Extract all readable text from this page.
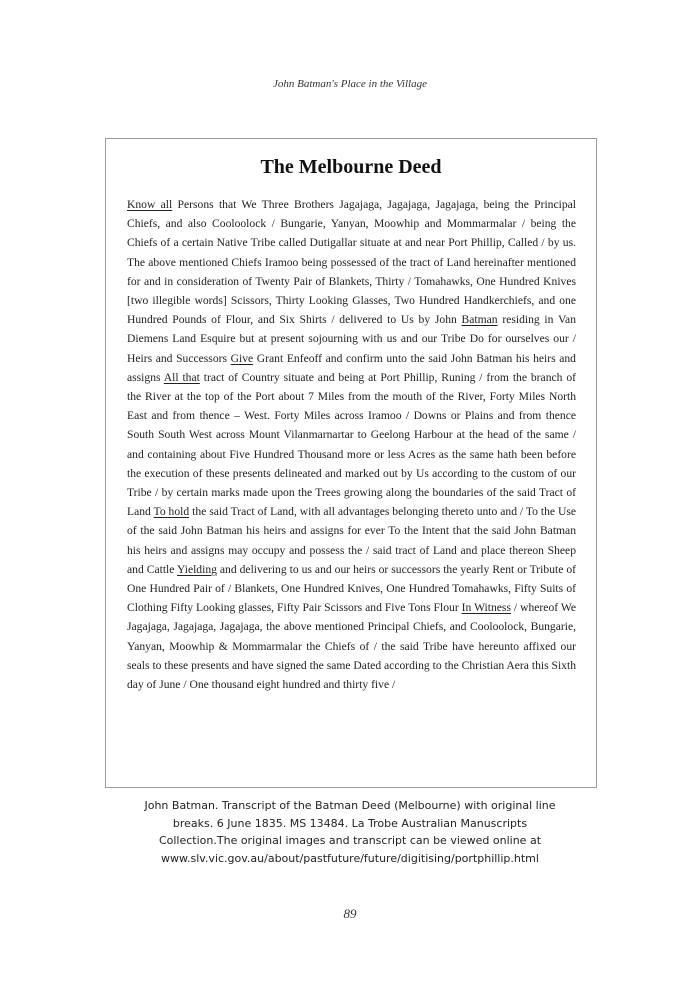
John Batman's Place in the Village
The Melbourne Deed

Know all Persons that We Three Brothers Jagajaga, Jagajaga, Jagajaga, being the Principal Chiefs, and also Cooloolock / Bungarie, Yanyan, Moowhip and Mommarmalar / being the Chiefs of a certain Native Tribe called Dutigallar situate at and near Port Phillip, Called / by us. The above mentioned Chiefs Iramoo being possessed of the tract of Land hereinafter mentioned for and in consideration of Twenty Pair of Blankets, Thirty / Tomahawks, One Hundred Knives [two illegible words] Scissors, Thirty Looking Glasses, Two Hundred Handkerchiefs, and one Hundred Pounds of Flour, and Six Shirts / delivered to Us by John Batman residing in Van Diemens Land Esquire but at present sojourning with us and our Tribe Do for ourselves our / Heirs and Successors Give Grant Enfeoff and confirm unto the said John Batman his heirs and assigns All that tract of Country situate and being at Port Phillip, Runing / from the branch of the River at the top of the Port about 7 Miles from the mouth of the River, Forty Miles North East and from thence – West. Forty Miles across Iramoo / Downs or Plains and from thence South South West across Mount Vilanmarnartar to Geelong Harbour at the head of the same / and containing about Five Hundred Thousand more or less Acres as the same hath been before the execution of these presents delineated and marked out by Us according to the custom of our Tribe / by certain marks made upon the Trees growing along the boundaries of the said Tract of Land To hold the said Tract of Land, with all advantages belonging thereto unto and / To the Use of the said John Batman his heirs and assigns for ever To the Intent that the said John Batman his heirs and assigns may occupy and possess the / said tract of Land and place thereon Sheep and Cattle Yielding and delivering to us and our heirs or successors the yearly Rent or Tribute of One Hundred Pair of / Blankets, One Hundred Knives, One Hundred Tomahawks, Fifty Suits of Clothing Fifty Looking glasses, Fifty Pair Scissors and Five Tons Flour In Witness / whereof We Jagajaga, Jagajaga, Jagajaga, the above mentioned Principal Chiefs, and Cooloolock, Bungarie, Yanyan, Moowhip & Mommarmalar the Chiefs of / the said Tribe have hereunto affixed our seals to these presents and have signed the same Dated according to the Christian Aera this Sixth day of June / One thousand eight hundred and thirty five /

John Batman. Transcript of the Batman Deed (Melbourne) with original line
breaks. 6 June 1835. MS 13484. La Trobe Australian Manuscripts
Collection.The original images and transcript can be viewed online at
www.slv.vic.gov.au/about/pastfuture/future/digitising/portphillip.html
89
